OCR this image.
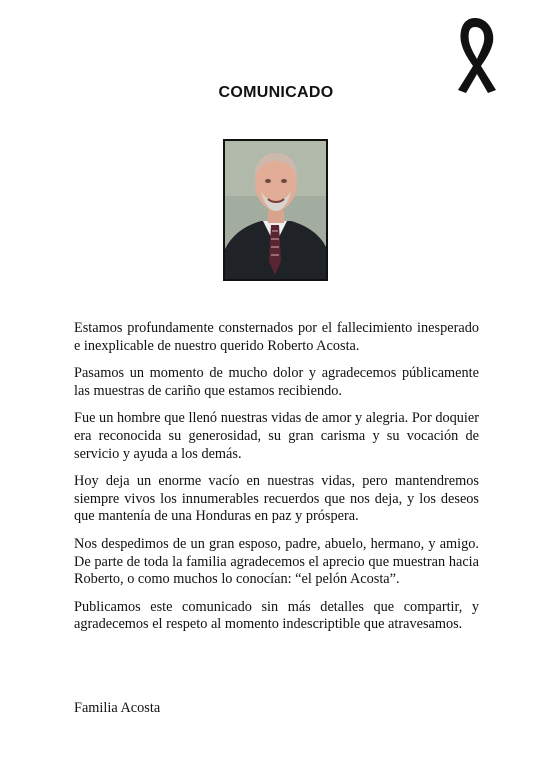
COMUNICADO

Estamos profundamente consternados por el fallecimiento inesperado e inexplicable de nuestro querido Roberto Acosta.

Pasamos un momento de mucho dolor y agradecemos públicamente las muestras de cariño que estamos recibiendo.

Fue un hombre que llenó nuestras vidas de amor y alegria. Por doquier era reconocida su generosidad, su gran carisma y su vocación de servicio y ayuda a los demás.

Hoy deja un enorme vacío en nuestras vidas, pero mantendremos siempre vivos los innumerables recuerdos que nos deja, y los deseos que mantenía de una Honduras en paz y próspera.

Nos despedimos de un gran esposo, padre, abuelo, hermano, y amigo. De parte de toda la familia agradecemos el aprecio que muestran hacia Roberto, o como muchos lo conocían: “el pelón Acosta”.

Publicamos este comunicado sin más detalles que compartir, y agradecemos el respeto al momento indescriptible que atravesamos.

Familia Acosta
